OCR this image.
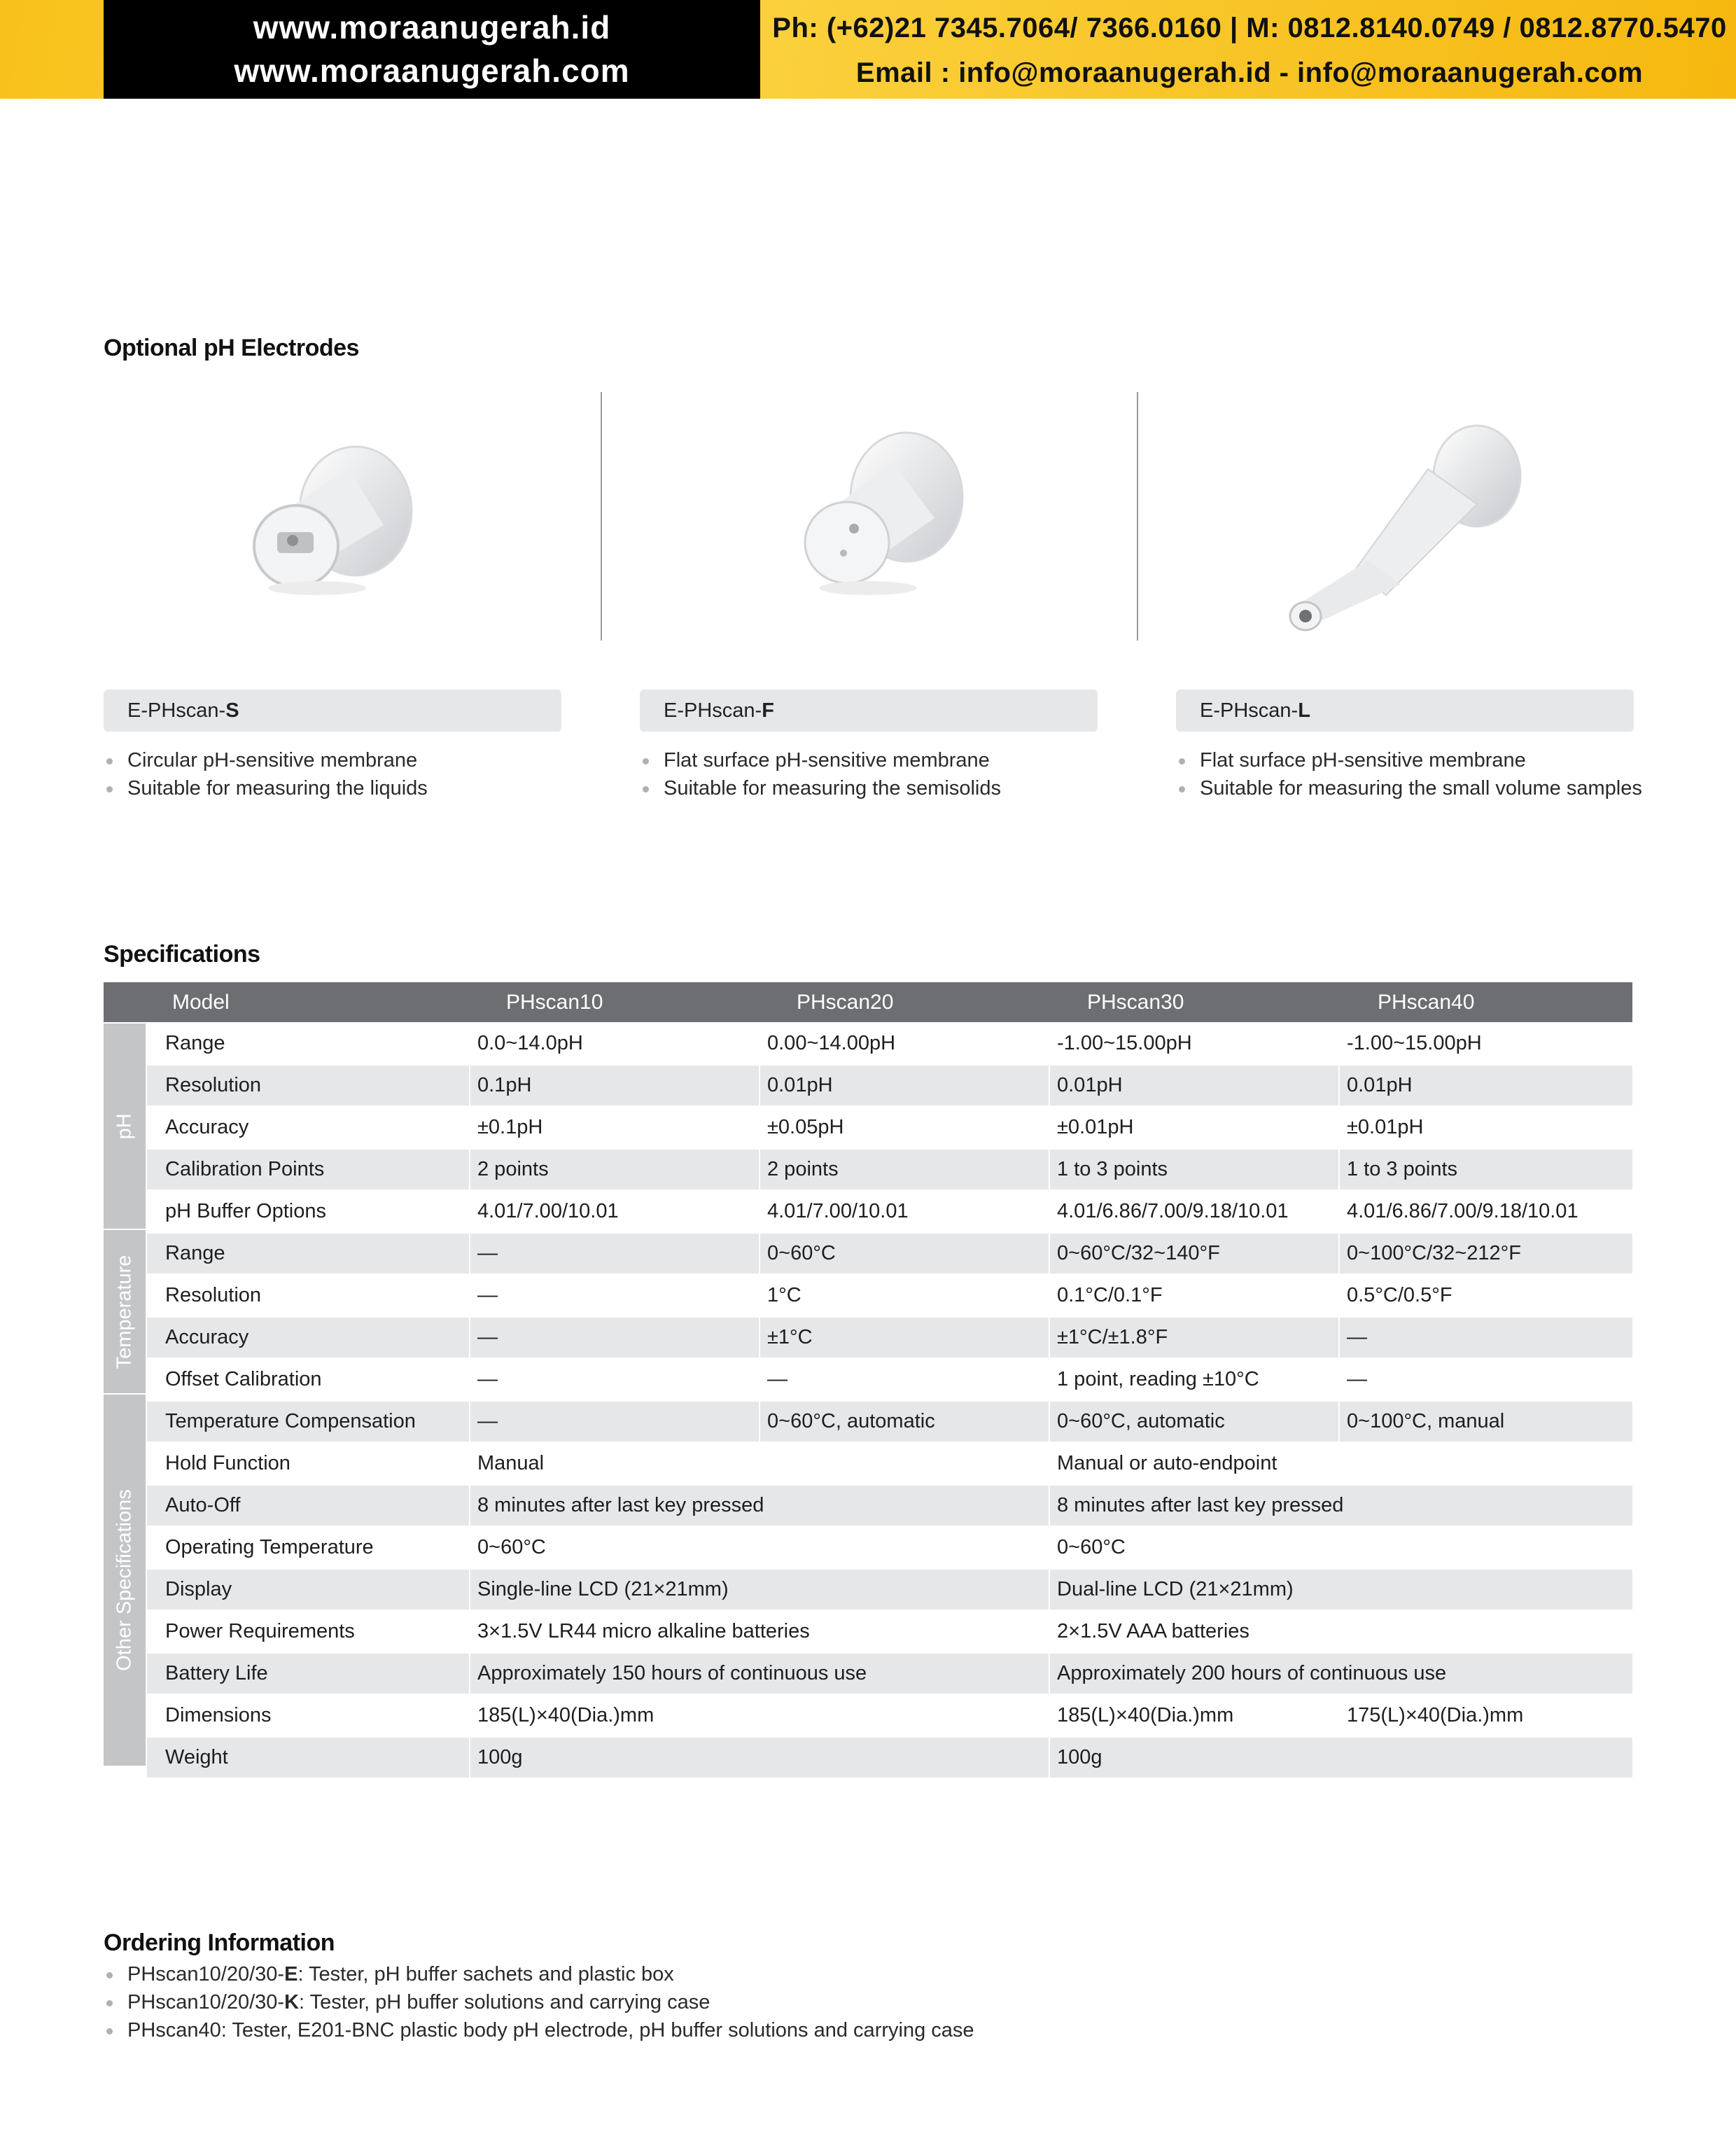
www.moraanugerah.id
www.moraanugerah.com
Ph: (+62)21 7345.7064/ 7366.0160 | M: 0812.8140.0749 / 0812.8770.5470
Email : info@moraanugerah.id - info@moraanugerah.com
Optional pH Electrodes
E-PHscan-S	E-PHscan-F	E-PHscan-L
Circular pH-sensitive membrane
Suitable for measuring the liquids
Flat surface pH-sensitive membrane
Suitable for measuring the semisolids
Flat surface pH-sensitive membrane
Suitable for measuring the small volume samples
Specifications
Model	PHscan10	PHscan20	PHscan30	PHscan40
pH
Temperature
Other Specifications
Range	0.0~14.0pH	0.00~14.00pH	-1.00~15.00pH	-1.00~15.00pH
Resolution	0.1pH	0.01pH	0.01pH	0.01pH
Accuracy	±0.1pH	±0.05pH	±0.01pH	±0.01pH
Calibration Points	2 points	2 points	1 to 3 points	1 to 3 points
pH Buffer Options	4.01/7.00/10.01	4.01/7.00/10.01	4.01/6.86/7.00/9.18/10.01	4.01/6.86/7.00/9.18/10.01
Range	—	0~60°C	0~60°C/32~140°F	0~100°C/32~212°F
Resolution	—	1°C	0.1°C/0.1°F	0.5°C/0.5°F
Accuracy	—	±1°C	±1°C/±1.8°F	—
Offset Calibration	—	—	1 point, reading ±10°C	—
Temperature Compensation	—	0~60°C, automatic	0~60°C, automatic	0~100°C, manual
Hold Function	Manual	Manual or auto-endpoint
Auto-Off	8 minutes after last key pressed	8 minutes after last key pressed
Operating Temperature	0~60°C	0~60°C
Display	Single-line LCD (21×21mm)	Dual-line LCD (21×21mm)
Power Requirements	3×1.5V LR44 micro alkaline batteries	2×1.5V AAA batteries
Battery Life	Approximately 150 hours of continuous use	Approximately 200 hours of continuous use
Dimensions	185(L)×40(Dia.)mm	185(L)×40(Dia.)mm	175(L)×40(Dia.)mm
Weight	100g	100g
Ordering Information
PHscan10/20/30-E: Tester, pH buffer sachets and plastic box
PHscan10/20/30-K: Tester, pH buffer solutions and carrying case
PHscan40: Tester, E201-BNC plastic body pH electrode, pH buffer solutions and carrying case
